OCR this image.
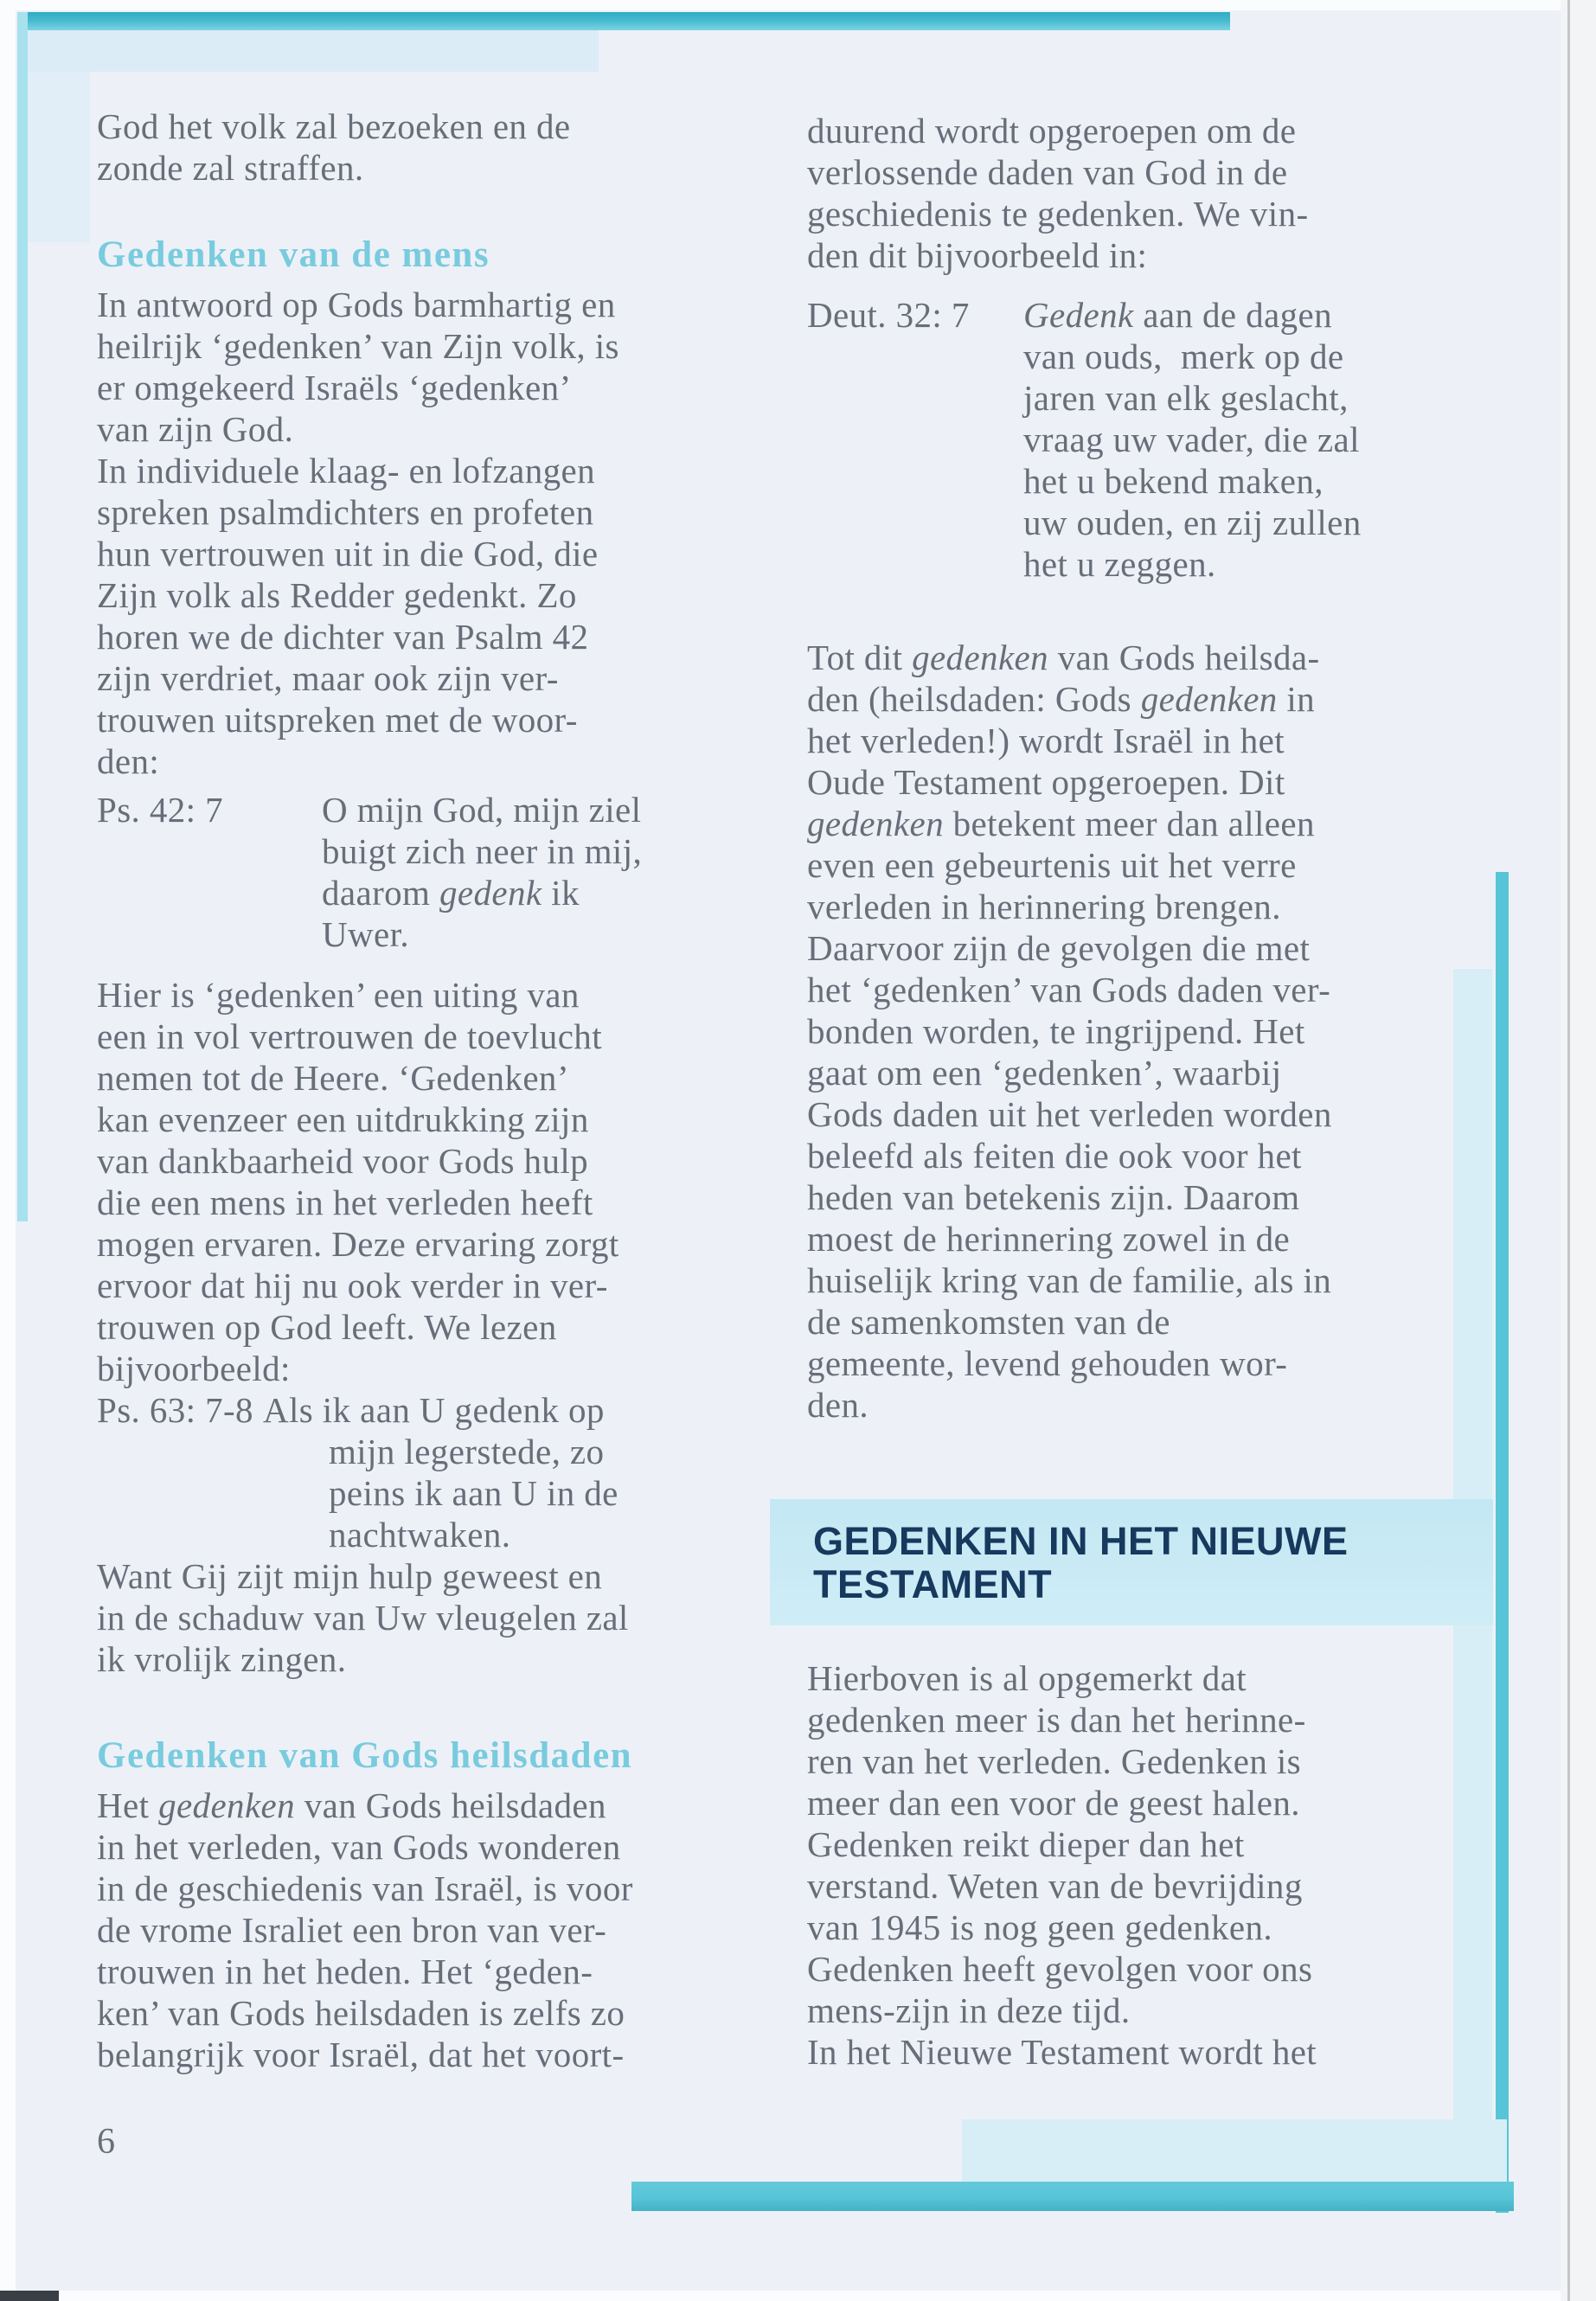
God het volk zal bezoeken en de
zonde zal straffen.
Gedenken van de mens
In antwoord op Gods barmhartig en
heilrijk ‘gedenken’ van Zijn volk, is
er omgekeerd Israëls ‘gedenken’
van zijn God.
In individuele klaag- en lofzangen
spreken psalmdichters en profeten
hun vertrouwen uit in die God, die
Zijn volk als Redder gedenkt. Zo
horen we de dichter van Psalm 42
zijn verdriet, maar ook zijn ver-
trouwen uitspreken met de woor-
den:
Ps. 42: 7	O mijn God, mijn ziel
buigt zich neer in mij,
daarom gedenk ik
Uwer.
Hier is ‘gedenken’ een uiting van
een in vol vertrouwen de toevlucht
nemen tot de Heere. ‘Gedenken’
kan evenzeer een uitdrukking zijn
van dankbaarheid voor Gods hulp
die een mens in het verleden heeft
mogen ervaren. Deze ervaring zorgt
ervoor dat hij nu ook verder in ver-
trouwen op God leeft. We lezen
bijvoorbeeld:
Ps. 63: 7-8 Als ik aan U gedenk op
mijn legerstede, zo
peins ik aan U in de
nachtwaken.
Want Gij zijt mijn hulp geweest en
in de schaduw van Uw vleugelen zal
ik vrolijk zingen.
Gedenken van Gods heilsdaden
Het gedenken van Gods heilsdaden
in het verleden, van Gods wonderen
in de geschiedenis van Israël, is voor
de vrome Israliet een bron van ver-
trouwen in het heden. Het ‘geden-
ken’ van Gods heilsdaden is zelfs zo
belangrijk voor Israël, dat het voort-
6
duurend wordt opgeroepen om de
verlossende daden van God in de
geschiedenis te gedenken. We vin-
den dit bijvoorbeeld in:
Deut. 32: 7 Gedenk aan de dagen
van ouds,  merk op de
jaren van elk geslacht,
vraag uw vader, die zal
het u bekend maken,
uw ouden, en zij zullen
het u zeggen.
Tot dit gedenken van Gods heilsda-
den (heilsdaden: Gods gedenken in
het verleden!) wordt Israël in het
Oude Testament opgeroepen. Dit
gedenken betekent meer dan alleen
even een gebeurtenis uit het verre
verleden in herinnering brengen.
Daarvoor zijn de gevolgen die met
het ‘gedenken’ van Gods daden ver-
bonden worden, te ingrijpend. Het
gaat om een ‘gedenken’, waarbij
Gods daden uit het verleden worden
beleefd als feiten die ook voor het
heden van betekenis zijn. Daarom
moest de herinnering zowel in de
huiselijk kring van de familie, als in
de samenkomsten van de
gemeente, levend gehouden wor-
den.
GEDENKEN IN HET NIEUWE
TESTAMENT
Hierboven is al opgemerkt dat
gedenken meer is dan het herinne-
ren van het verleden. Gedenken is
meer dan een voor de geest halen.
Gedenken reikt dieper dan het
verstand. Weten van de bevrijding
van 1945 is nog geen gedenken.
Gedenken heeft gevolgen voor ons
mens-zijn in deze tijd.
In het Nieuwe Testament wordt het
